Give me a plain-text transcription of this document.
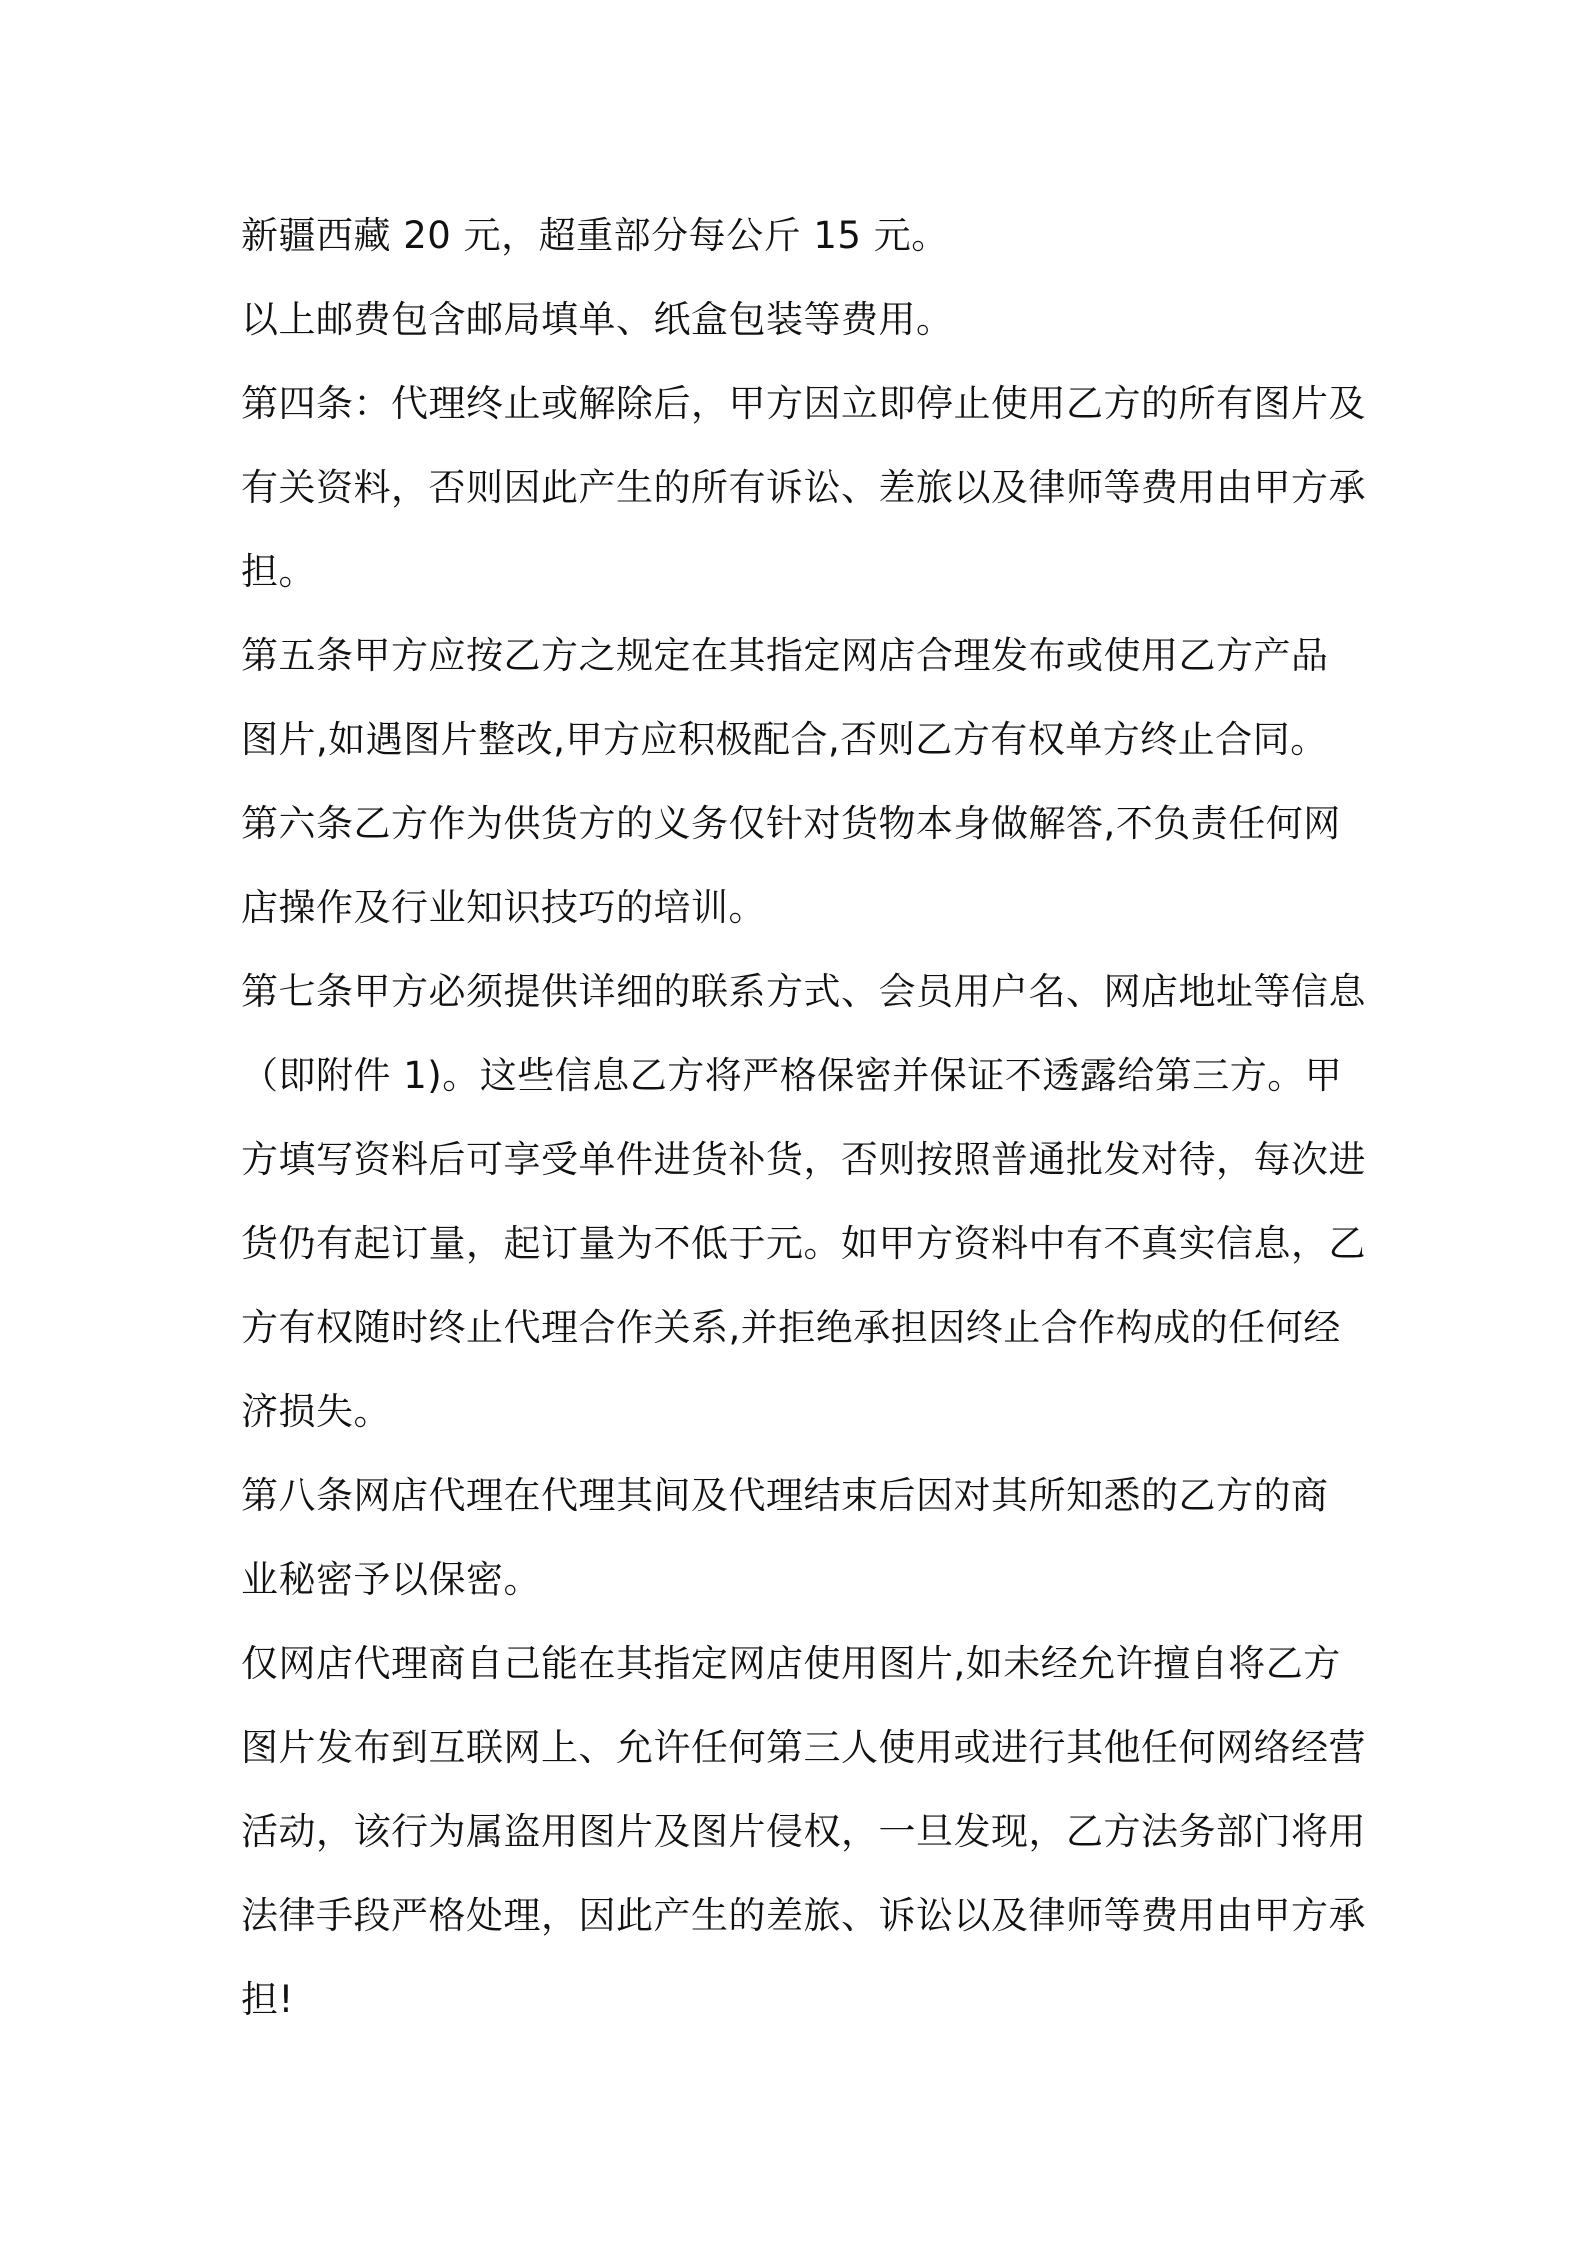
新疆西藏 20 元，超重部分每公斤 15 元。
以上邮费包含邮局填单、纸盒包装等费用。
第四条：代理终止或解除后，甲方因立即停止使用乙方的所有图片及
有关资料，否则因此产生的所有诉讼、差旅以及律师等费用由甲方承
担。
第五条甲方应按乙方之规定在其指定网店合理发布或使用乙方产品
图片,如遇图片整改,甲方应积极配合,否则乙方有权单方终止合同。
第六条乙方作为供货方的义务仅针对货物本身做解答,不负责任何网
店操作及行业知识技巧的培训。
第七条甲方必须提供详细的联系方式、会员用户名、网店地址等信息
（即附件 1)。这些信息乙方将严格保密并保证不透露给第三方。甲
方填写资料后可享受单件进货补货，否则按照普通批发对待，每次进
货仍有起订量，起订量为不低于元。如甲方资料中有不真实信息，乙
方有权随时终止代理合作关系,并拒绝承担因终止合作构成的任何经
济损失。
第八条网店代理在代理其间及代理结束后因对其所知悉的乙方的商
业秘密予以保密。
仅网店代理商自己能在其指定网店使用图片,如未经允许擅自将乙方
图片发布到互联网上、允许任何第三人使用或进行其他任何网络经营
活动，该行为属盗用图片及图片侵权，一旦发现，乙方法务部门将用
法律手段严格处理，因此产生的差旅、诉讼以及律师等费用由甲方承
担!
